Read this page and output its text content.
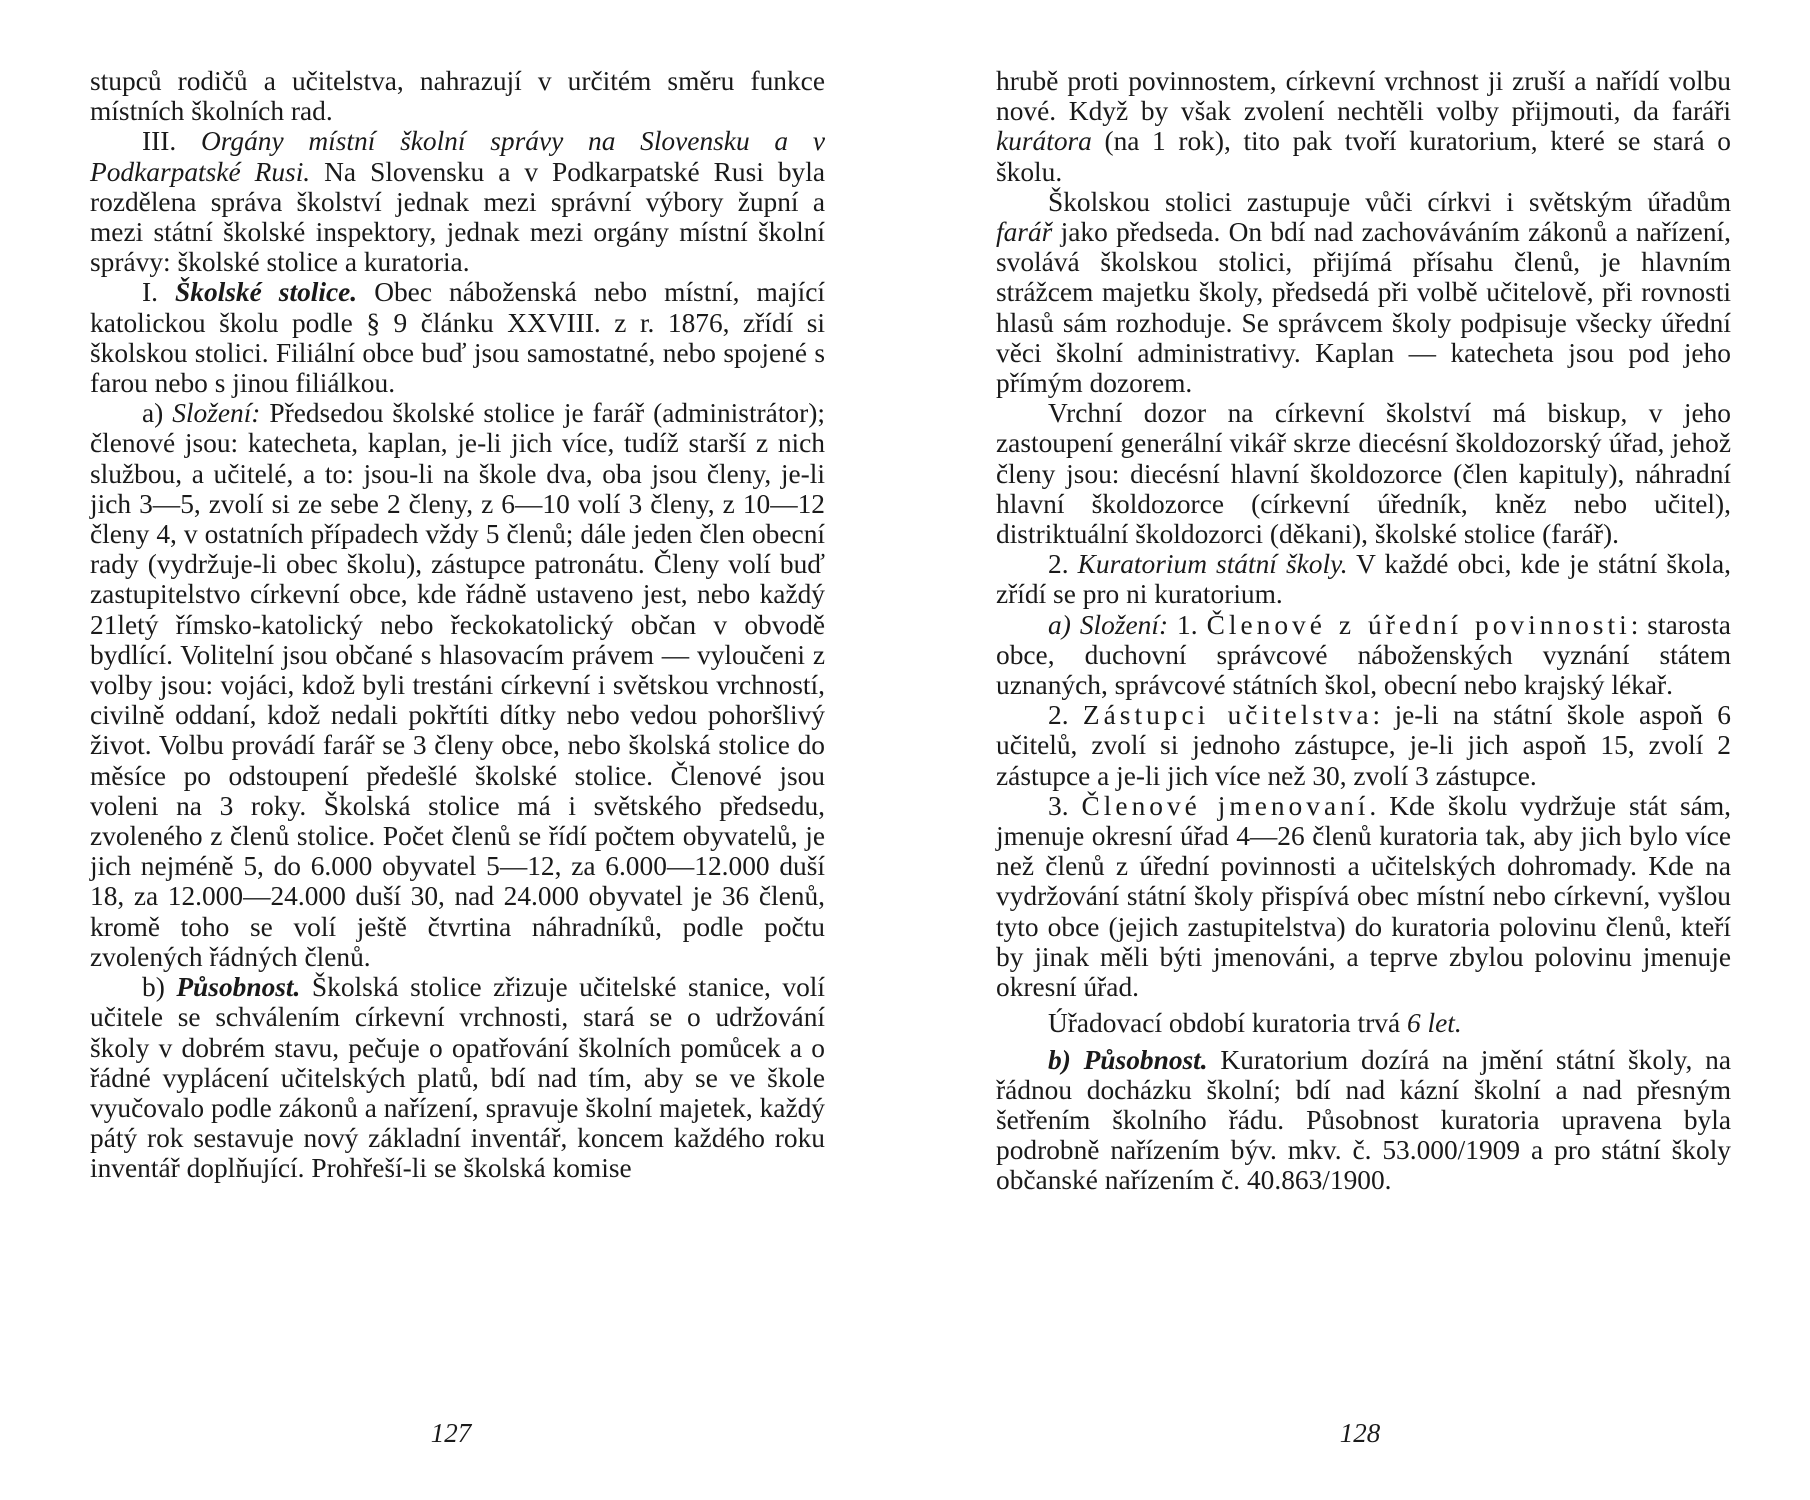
stupců rodičů a učitelstva, nahrazují v určitém směru funkce místních školních rad.

III. Orgány místní školní správy na Slovensku a v Podkarpatské Rusi. Na Slovensku a v Podkarpatské Rusi byla rozdělena správa školství jednak mezi správní výbory župní a mezi státní školské inspektory, jednak mezi orgány místní školní správy: školské stolice a kuratoria.

I. Školské stolice. Obec náboženská nebo místní, mající katolickou školu podle § 9 článku XXVIII. z r. 1876, zřídí si školskou stolici. Filiální obce buď jsou samostatné, nebo spojené s farou nebo s jinou filiálkou.

a) Složení: Předsedou školské stolice je farář (administrátor); členové jsou: katecheta, kaplan, je-li jich více, tudíž starší z nich službou, a učitelé, a to: jsou-li na škole dva, oba jsou členy, je-li jich 3—5, zvolí si ze sebe 2 členy, z 6—10 volí 3 členy, z 10—12 členy 4, v ostatních případech vždy 5 členů; dále jeden člen obecní rady (vydržuje-li obec školu), zástupce patronátu. Členy volí buď zastupitelstvo církevní obce, kde řádně ustaveno jest, nebo každý 21letý římsko-katolický nebo řeckokatolický občan v obvodě bydlící. Volitelní jsou občané s hlasovacím právem — vyloučeni z volby jsou: vojáci, kdož byli trestáni církevní i světskou vrchností, civilně oddaní, kdož nedali pokřtíti dítky nebo vedou pohoršlivý život. Volbu provádí farář se 3 členy obce, nebo školská stolice do měsíce po odstoupení předešlé školské stolice. Členové jsou voleni na 3 roky. Školská stolice má i světského předsedu, zvoleného z členů stolice. Počet členů se řídí počtem obyvatelů, je jich nejméně 5, do 6.000 obyvatel 5—12, za 6.000—12.000 duší 18, za 12.000—24.000 duší 30, nad 24.000 obyvatel je 36 členů, kromě toho se volí ještě čtvrtina náhradníků, podle počtu zvolených řádných členů.

b) Působnost. Školská stolice zřizuje učitelské stanice, volí učitele se schválením církevní vrchnosti, stará se o udržování školy v dobrém stavu, pečuje o opatřování školních pomůcek a o řádné vyplácení učitelských platů, bdí nad tím, aby se ve škole vyučovalo podle zákonů a nařízení, spravuje školní majetek, každý pátý rok sestavuje nový základní inventář, koncem každého roku inventář doplňující. Prohřeší-li se školská komise

hrubě proti povinnostem, církevní vrchnost ji zruší a nařídí volbu nové. Když by však zvolení nechtěli volby přijmouti, da faráři kurátora (na 1 rok), tito pak tvoří kuratorium, které se stará o školu.

Školskou stolici zastupuje vůči církvi i světským úřadům farář jako předseda. On bdí nad zachováváním zákonů a nařízení, svolává školskou stolici, přijímá přísahu členů, je hlavním strážcem majetku školy, předsedá při volbě učitelově, při rovnosti hlasů sám rozhoduje. Se správcem školy podpisuje všecky úřední věci školní administrativy. Kaplan — katecheta jsou pod jeho přímým dozorem.

Vrchní dozor na církevní školství má biskup, v jeho zastoupení generální vikář skrze diecésní školdozorský úřad, jehož členy jsou: diecésní hlavní školdozorce (člen kapituly), náhradní hlavní školdozorce (církevní úředník, kněz nebo učitel), distriktuální školdozorci (děkani), školské stolice (farář).

2. Kuratorium státní školy. V každé obci, kde je státní škola, zřídí se pro ni kuratorium.

a) Složení: 1. Členové z úřední povinnosti: starosta obce, duchovní správcové náboženských vyznání státem uznaných, správcové státních škol, obecní nebo krajský lékař.

2. Zástupci učitelstva: je-li na státní škole aspoň 6 učitelů, zvolí si jednoho zástupce, je-li jich aspoň 15, zvolí 2 zástupce a je-li jich více než 30, zvolí 3 zástupce.

3. Členové jmenovaní. Kde školu vydržuje stát sám, jmenuje okresní úřad 4—26 členů kuratoria tak, aby jich bylo více než členů z úřední povinnosti a učitelských dohromady. Kde na vydržování státní školy přispívá obec místní nebo církevní, vyšlou tyto obce (jejich zastupitelstva) do kuratoria polovinu členů, kteří by jinak měli býti jmenováni, a teprve zbylou polovinu jmenuje okresní úřad.

Úřadovací období kuratoria trvá 6 let.

b) Působnost. Kuratorium dozírá na jmění státní školy, na řádnou docházku školní; bdí nad kázní školní a nad přesným šetřením školního řádu. Působnost kuratoria upravena byla podrobně nařízením býv. mkv. č. 53.000/1909 a pro státní školy občanské nařízením č. 40.863/1900.

127	128
